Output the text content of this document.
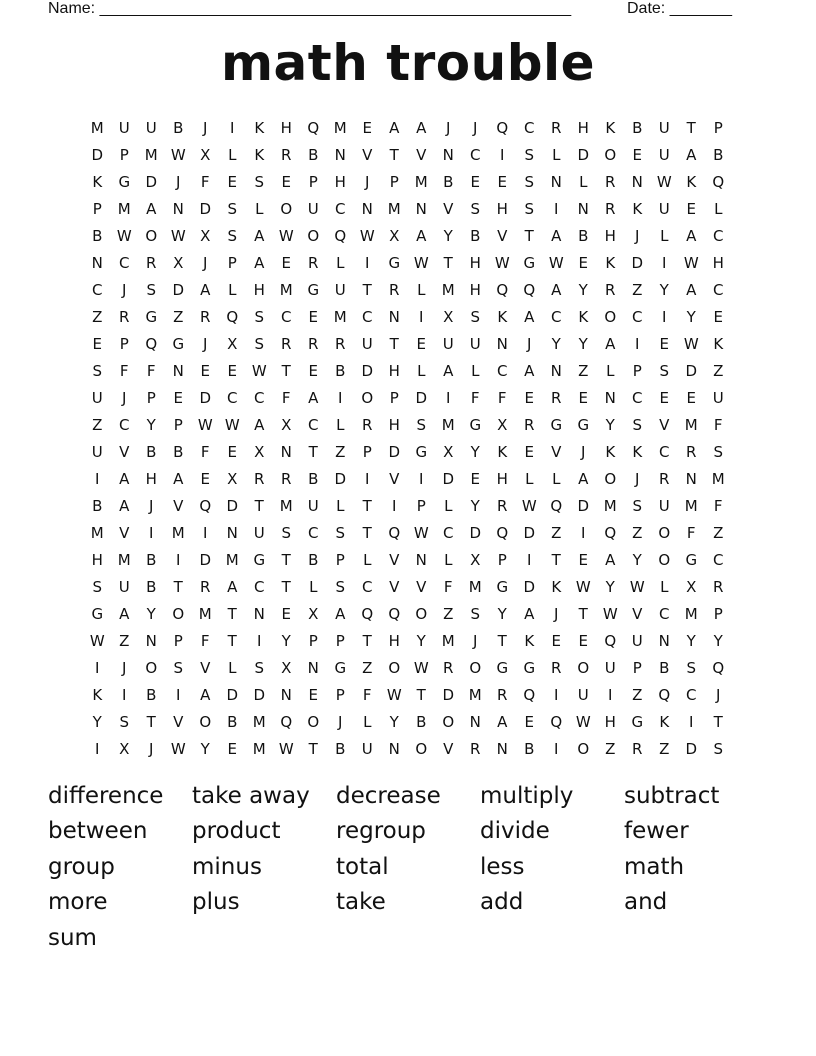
Name: _____________________________________________________	Date: _______
math trouble
M U	U	B	J	I	K	H Q M	E	A	A	J	J	Q	C	R	H	K	B	U	T	P
D	P	M W X	L	K	R	B	N	V	T	V	N	C	I	S	L	D O	E	U	A	B
K	G D	J	F	E	S	E	P	H	J	P	M B	E	E	S	N	L	R	N W K	Q
P	M A	N	D	S	L	O	U	C	N M N	V	S	H	S	I	N	R	K	U	E	L
B W O W X	S	A W O Q W X	A	Y	B	V	T	A	B	H	J	L	A	C
N	C	R	X	J	P	A	E	R	L	I	G W T	H W G W E	K	D	I	W H
C	J	S	D	A	L	H M G	U	T	R	L	M H Q Q	A	Y	R	Z	Y	A	C
Z	R	G	Z	R	Q	S	C	E	M C	N	I	X	S	K	A	C	K	O	C	I	Y	E
E	P	Q G	J	X	S	R	R	R	U	T	E	U	U	N	J	Y	Y	A	I	E W K
S	F	F	N	E	E W T	E	B	D	H	L	A	L	C	A	N	Z	L	P	S	D	Z
U	J	P	E	D	C	C	F	A	I	O	P	D	I	F	F	E	R	E	N	C	E	E	U
Z	C	Y	P W W A	X	C	L	R	H	S	M G	X	R	G G	Y	S	V M	F
U	V	B	B	F	E	X	N	T	Z	P	D G	X	Y	K	E	V	J	K	K	C	R	S
I	A	H	A	E	X	R	R	B	D	I	V	I	D	E	H	L	L	A	O	J	R	N M
B	A	J	V	Q D	T	M U	L	T	I	P	L	Y	R W Q D M	S	U M	F
M V	I	M	I	N	U	S	C	S	T	Q W C	D Q D	Z	I	Q	Z	O	F	Z
H M B	I	D M G	T	B	P	L	V	N	L	X	P	I	T	E	A	Y	O G	C
S	U	B	T	R	A	C	T	L	S	C	V	V	F	M G D	K W Y W L	X	R
G	A	Y	O M	T	N	E	X	A	Q Q O	Z	S	Y	A	J	T W V	C M	P
W Z	N	P	F	T	I	Y	P	P	T	H	Y	M	J	T	K	E	E	Q	U	N	Y	Y
I	J	O	S	V	L	S	X	N	G	Z	O W R	O G G	R	O	U	P	B	S	Q
K	I	B	I	A	D D	N	E	P	F W T	D M R	Q	I	U	I	Z	Q	C	J
Y	S	T	V	O	B M Q O	J	L	Y	B	O N	A	E	Q W H	G	K	I	T
I	X	J	W Y	E	M W T	B	U	N O	V	R	N	B	I	O	Z	R	Z	D	S
difference	take away	decrease	multiply	subtract
between	product	regroup	divide	fewer
group	minus	total	less	math
more	plus	take	add	and
sum
